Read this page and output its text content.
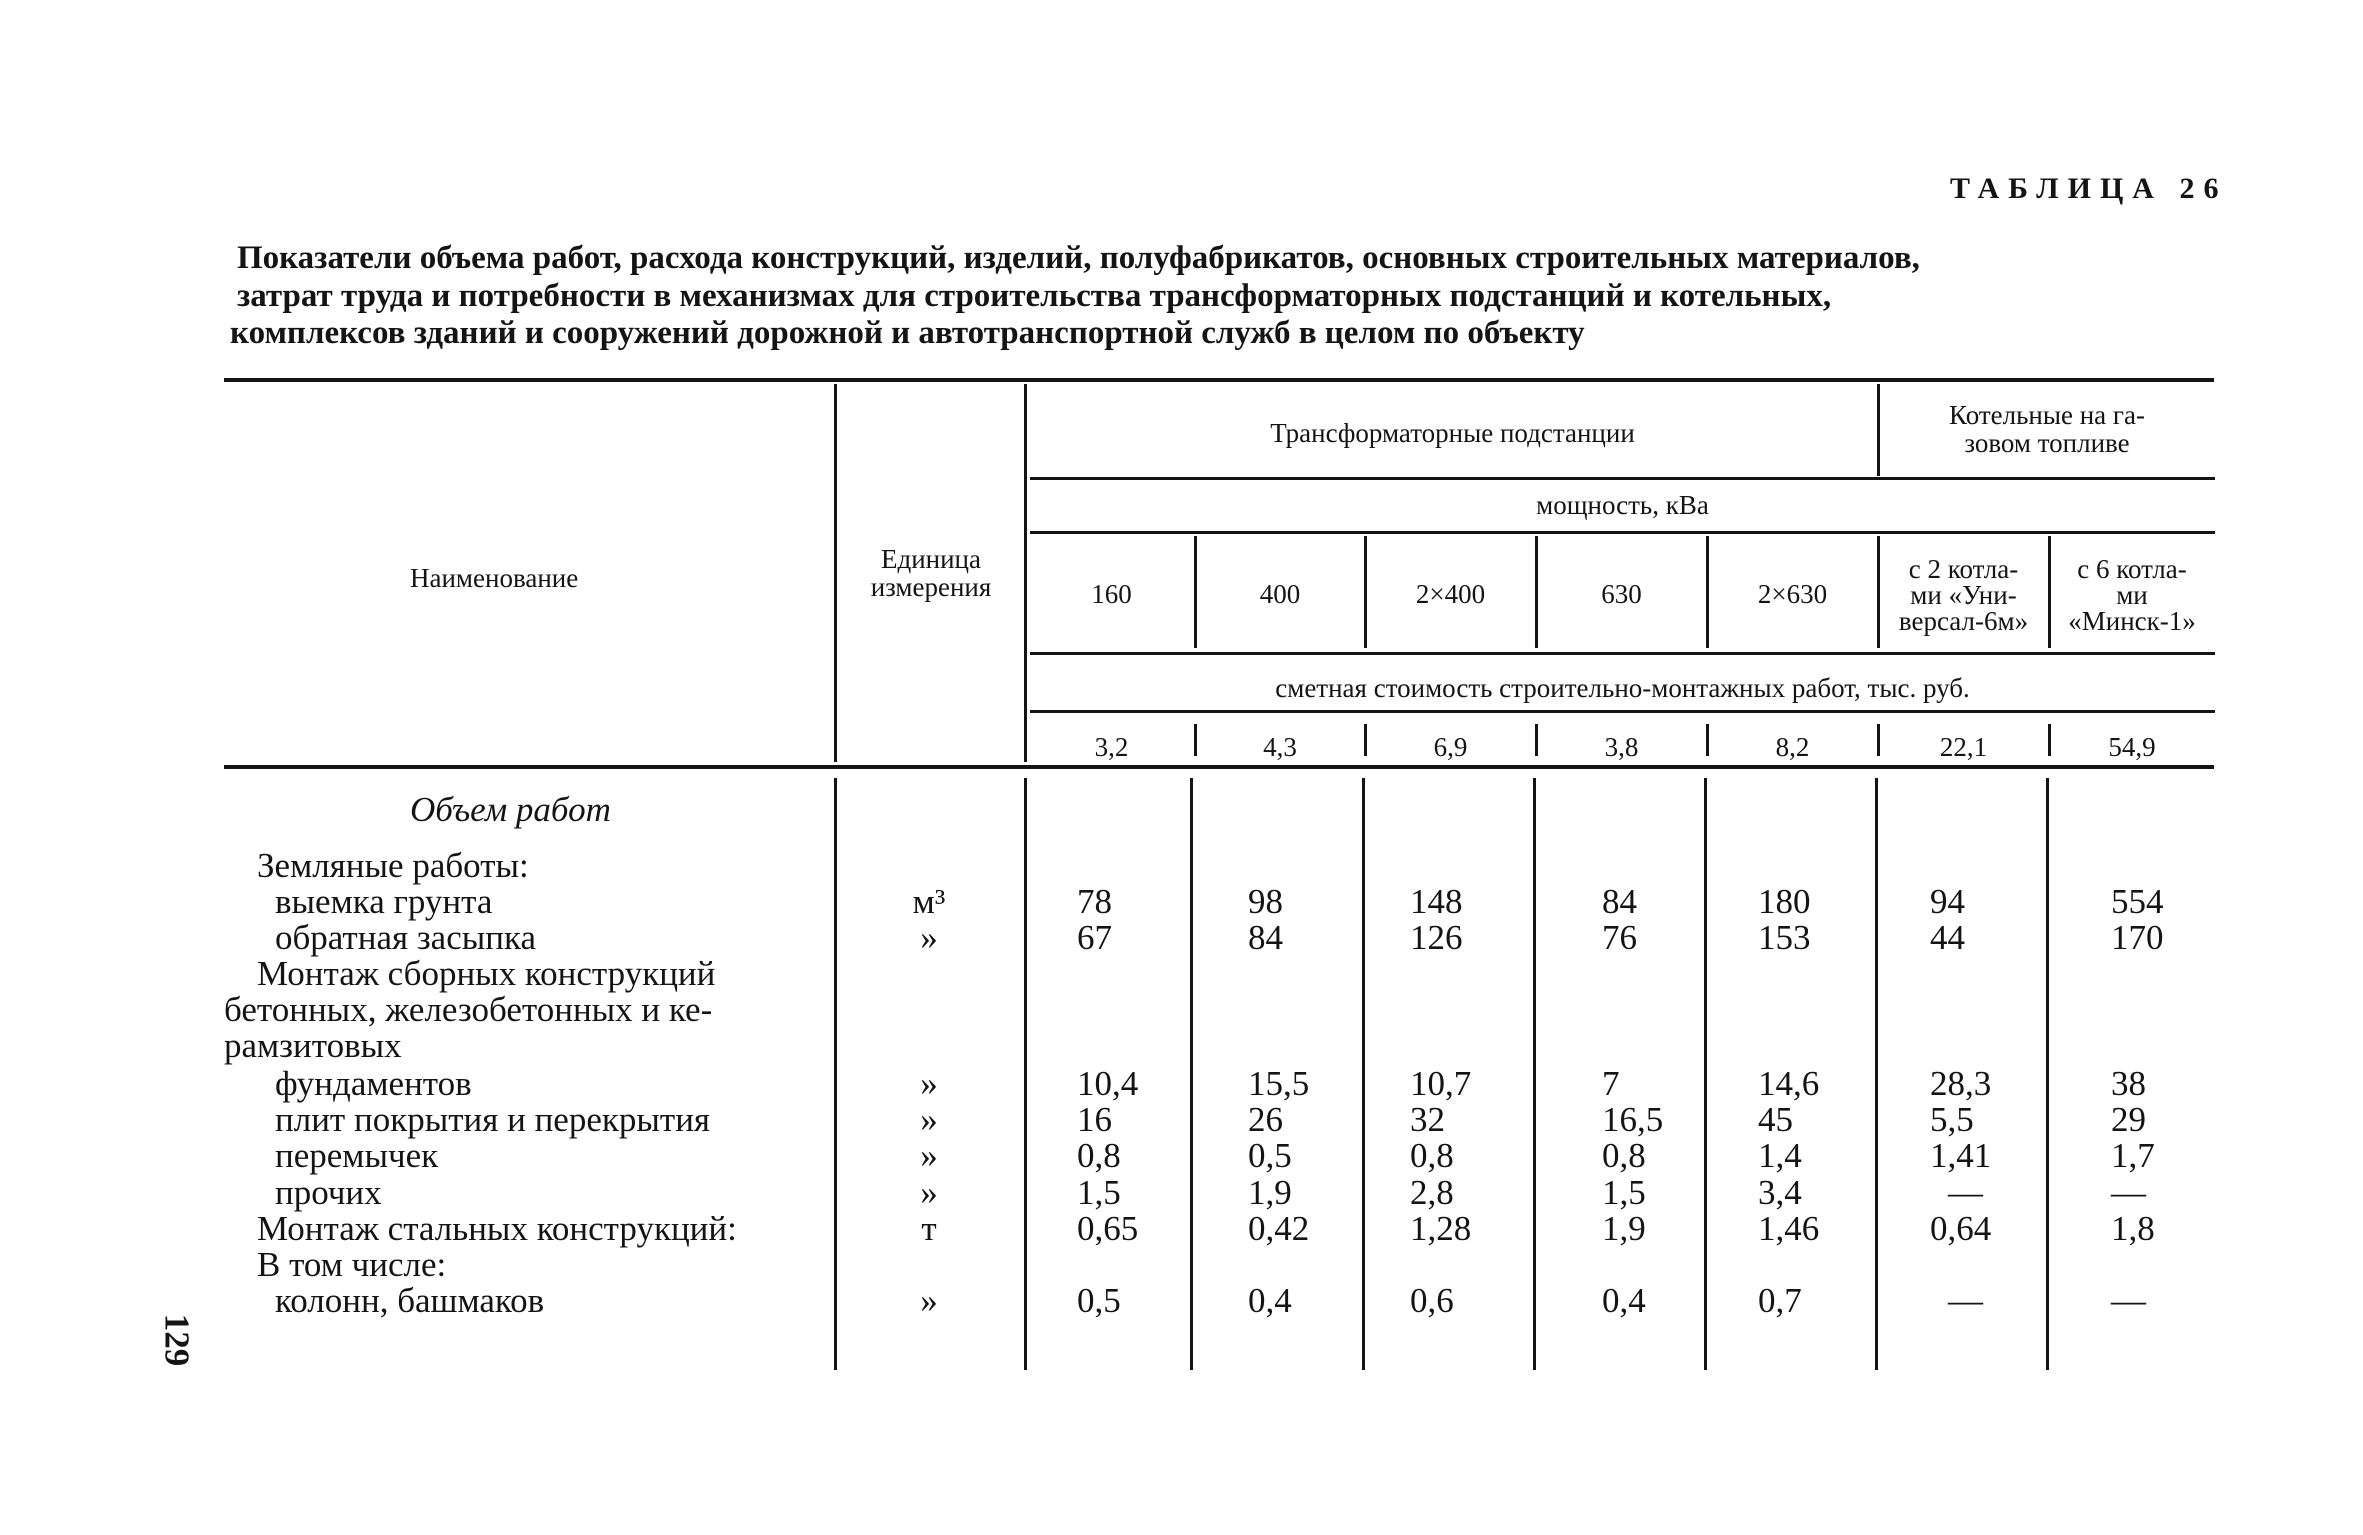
ТАБЛИЦА 26
Показатели объема работ, расхода конструкций, изделий, полуфабрикатов, основных строительных материалов,
затрат труда и потребности в механизмах для строительства трансформаторных подстанций и котельных,
комплексов зданий и сооружений дорожной и автотранспортной служб в целом по объекту
Наименование
Единица
измерения
Трансформаторные подстанции
Котельные на га-
зовом топливе
мощность, кВа
160	400	2×400	630	2×630
с 2 котла-
ми «Уни-
версал-6м»
с 6 котла-
ми
«Минск-1»
сметная стоимость строительно-монтажных работ, тыс. руб.
3,2	4,3	6,9	3,8	8,2	22,1	54,9
Объем работ
Земляные работы:
выемка грунта	м³	78	98	148	84	180	94	554
обратная засыпка	»	67	84	126	76	153	44	170
Монтаж сборных конструкций
бетонных, железобетонных и ке-
рамзитовых
фундаментов	»	10,4	15,5	10,7	7	14,6	28,3	38
плит покрытия и перекрытия	»	16	26	32	16,5	45	5,5	29
перемычек	»	0,8	0,5	0,8	0,8	1,4	1,41	1,7
прочих	»	1,5	1,9	2,8	1,5	3,4	—	—
Монтаж стальных конструкций:	т	0,65	0,42	1,28	1,9	1,46	0,64	1,8
В том числе:
колонн, башмаков	»	0,5	0,4	0,6	0,4	0,7	—	—
129
